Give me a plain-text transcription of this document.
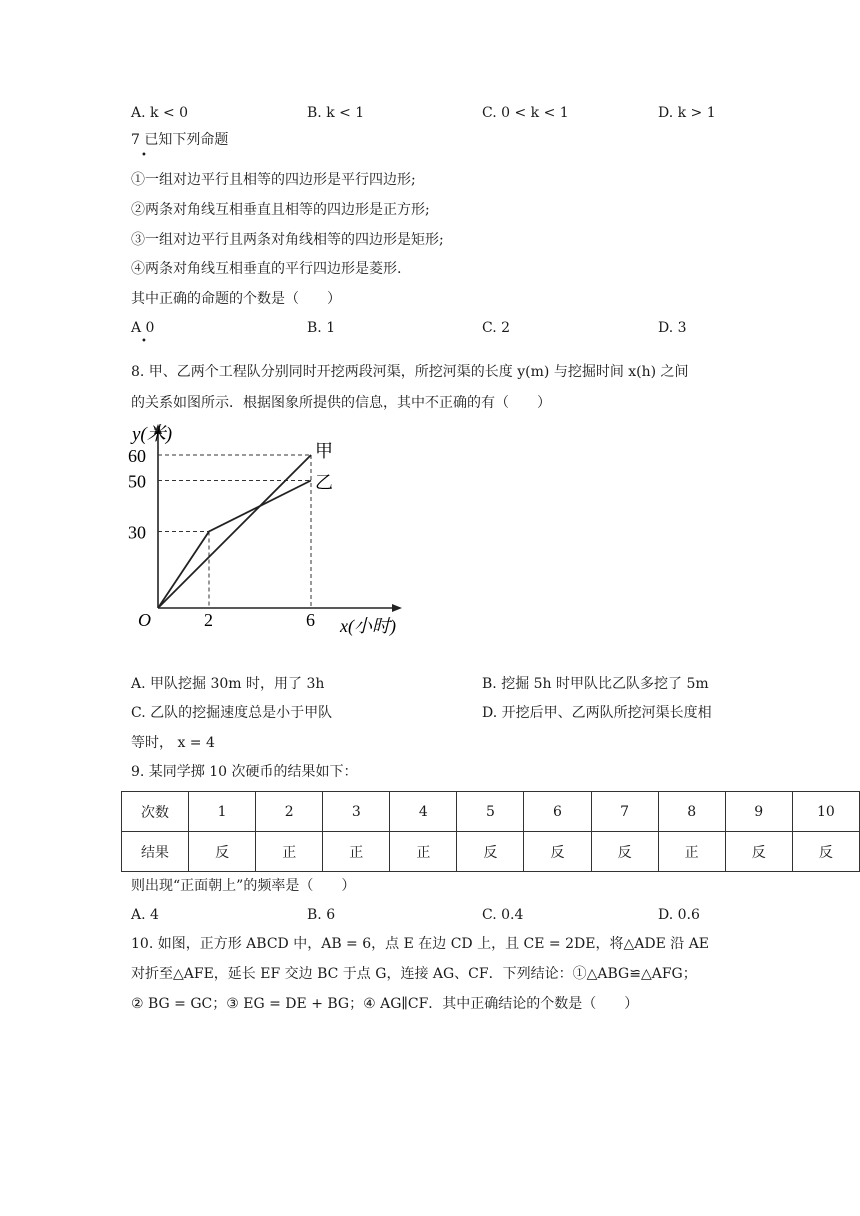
A. k < 0	B. k < 1	C. 0 < k < 1	D. k > 1
7 已知下列命题
•
①一组对边平行且相等的四边形是平行四边形;
②两条对角线互相垂直且相等的四边形是正方形;
③一组对边平行且两条对角线相等的四边形是矩形;
④两条对角线互相垂直的平行四边形是菱形.
其中正确的命题的个数是（　　）
A 0
•
B. 1	C. 2	D. 3
8. 甲、乙两个工程队分别同时开挖两段河渠，所挖河渠的长度 y(m) 与挖掘时间 x(h) 之间
的关系如图所示．根据图象所提供的信息，其中不正确的有（　　）
60
50
30
2	6
甲
乙
y(米)
x(小时)
O
A. 甲队挖掘 30m 时，用了 3h	B. 挖掘 5h 时甲队比乙队多挖了 5m
C. 乙队的挖掘速度总是小于甲队	D. 开挖后甲、乙两队所挖河渠长度相
等时， x = 4
9. 某同学掷 10 次硬币的结果如下：
次数	1	2	3	4	5	6	7	8	9	10
结果	反	正	正	正	反	反	反	正	反	反
则出现“正面朝上”的频率是（　　）
A. 4	B. 6	C. 0.4	D. 0.6
10. 如图，正方形 ABCD 中，AB = 6，点 E 在边 CD 上，且 CE = 2DE，将△ADE 沿 AE
对折至△AFE，延长 EF 交边 BC 于点 G，连接 AG、CF．下列结论：①△ABG≌△AFG；
② BG = GC；③ EG = DE + BG；④ AG∥CF．其中正确结论的个数是（　　）
